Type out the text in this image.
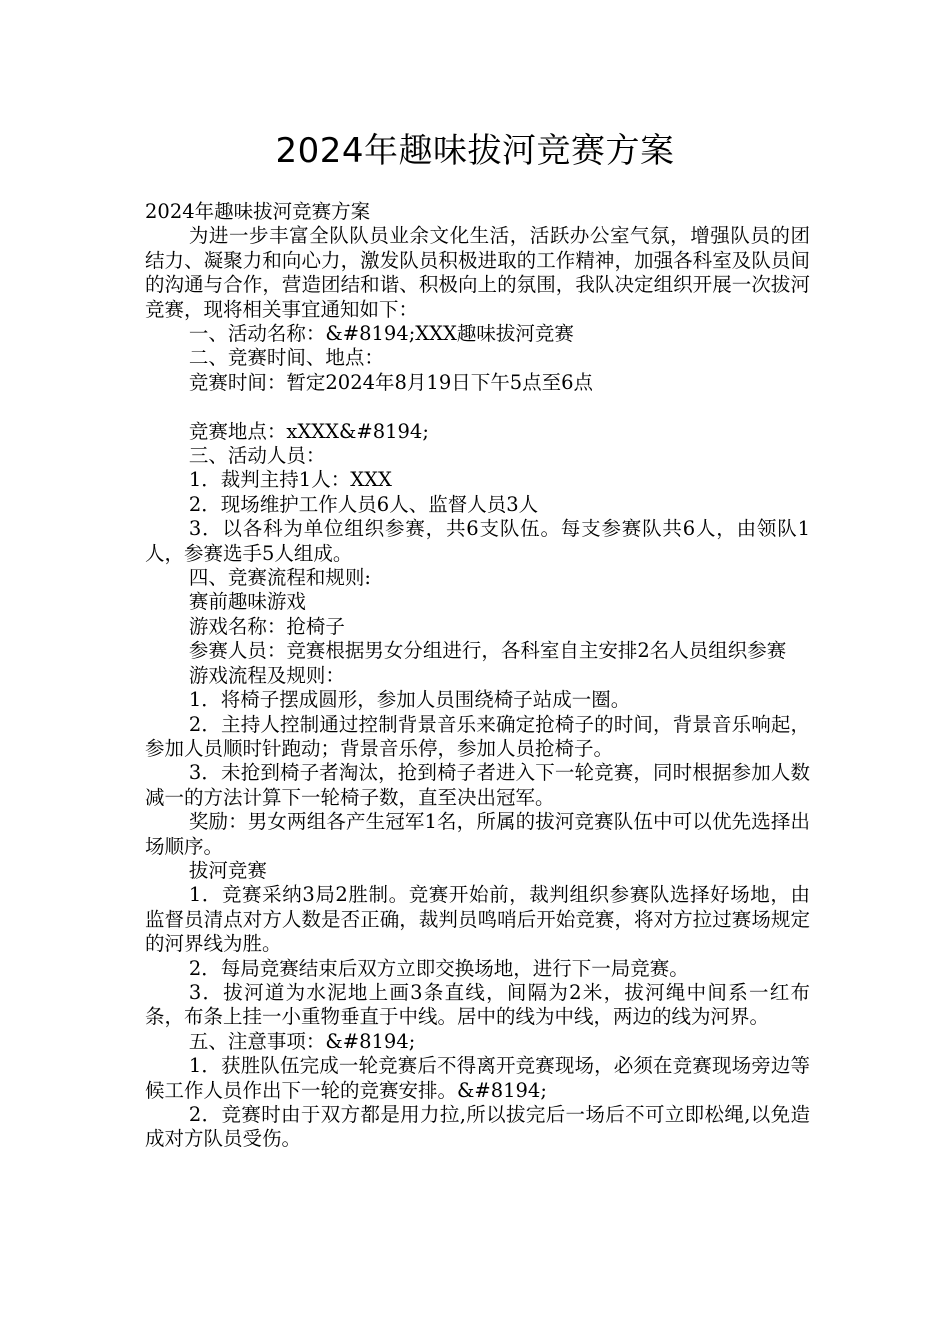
2024年趣味拔河竞赛方案

2024年趣味拔河竞赛方案

为进一步丰富全队队员业余文化生活，活跃办公室气氛，增强队员的团结力、凝聚力和向心力，激发队员积极进取的工作精神，加强各科室及队员间的沟通与合作，营造团结和谐、积极向上的氛围，我队决定组织开展一次拔河竞赛，现将相关事宜通知如下：

一、活动名称：&#8194;XXX趣味拔河竞赛

二、竞赛时间、地点：

竞赛时间：暂定2024年8月19日下午5点至6点

竞赛地点：xXXX&#8194;

三、活动人员：

1．裁判主持1人：XXX

2．现场维护工作人员6人、监督人员3人

3．以各科为单位组织参赛，共6支队伍。每支参赛队共6人，由领队1人，参赛选手5人组成。

四、竞赛流程和规则:

赛前趣味游戏

游戏名称：抢椅子

参赛人员：竞赛根据男女分组进行，各科室自主安排2名人员组织参赛

游戏流程及规则：

1．将椅子摆成圆形，参加人员围绕椅子站成一圈。

2．主持人控制通过控制背景音乐来确定抢椅子的时间，背景音乐响起，参加人员顺时针跑动；背景音乐停，参加人员抢椅子。

3．未抢到椅子者淘汰，抢到椅子者进入下一轮竞赛，同时根据参加人数减一的方法计算下一轮椅子数，直至决出冠军。

奖励：男女两组各产生冠军1名，所属的拔河竞赛队伍中可以优先选择出场顺序。

拔河竞赛

1．竞赛采纳3局2胜制。竞赛开始前，裁判组织参赛队选择好场地，由监督员清点对方人数是否正确，裁判员鸣哨后开始竞赛，将对方拉过赛场规定的河界线为胜。

2．每局竞赛结束后双方立即交换场地，进行下一局竞赛。

3．拔河道为水泥地上画3条直线，间隔为2米，拔河绳中间系一红布条，布条上挂一小重物垂直于中线。居中的线为中线，两边的线为河界。

五、注意事项：&#8194;

1．获胜队伍完成一轮竞赛后不得离开竞赛现场，必须在竞赛现场旁边等候工作人员作出下一轮的竞赛安排。&#8194;

2．竞赛时由于双方都是用力拉,所以拔完后一场后不可立即松绳,以免造成对方队员受伤。
